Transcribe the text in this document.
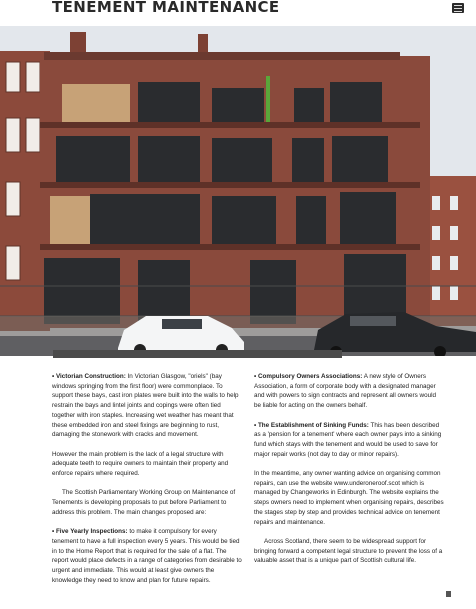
TENEMENT MAINTENANCE

• Victorian Construction: In Victorian Glasgow, "oriels" (bay windows springing from the first floor) were commonplace. To support these bays, cast iron plates were built into the walls to help restrain the bays and lintel joints and copings were often tied together with iron staples. Increasing wet weather has meant that these embedded iron and steel fixings are beginning to rust, damaging the stonework with cracks and movement.

However the main problem is the lack of a legal structure with adequate teeth to require owners to maintain their property and enforce repairs where required.

The Scottish Parliamentary Working Group on Maintenance of Tenements is developing proposals to put before Parliament to address this problem. The main changes proposed are:

• Five Yearly Inspections: to make it compulsory for every tenement to have a full inspection every 5 years. This would be tied in to the Home Report that is required for the sale of a flat. The report would place defects in a range of categories from desirable to urgent and immediate. This would at least give owners the knowledge they need to know and plan for future repairs.

• Compulsory Owners Associations: A new style of Owners Association, a form of corporate body with a designated manager and with powers to sign contracts and represent all owners would be liable for acting on the owners behalf.

• The Establishment of Sinking Funds: This has been described as a 'pension for a tenement' where each owner pays into a sinking fund which stays with the tenement and would be used to save for major repair works (not day to day or minor repairs).

In the meantime, any owner wanting advice on organising common repairs, can use the website www.underoneroof.scot which is managed by Changeworks in Edinburgh. The website explains the steps owners need to implement when organising repairs, describes the stages step by step and provides technical advice on tenement repairs and maintenance.

Across Scotland, there seem to be widespread support for bringing forward a competent legal structure to prevent the loss of a valuable asset that is a unique part of Scottish cultural life.
